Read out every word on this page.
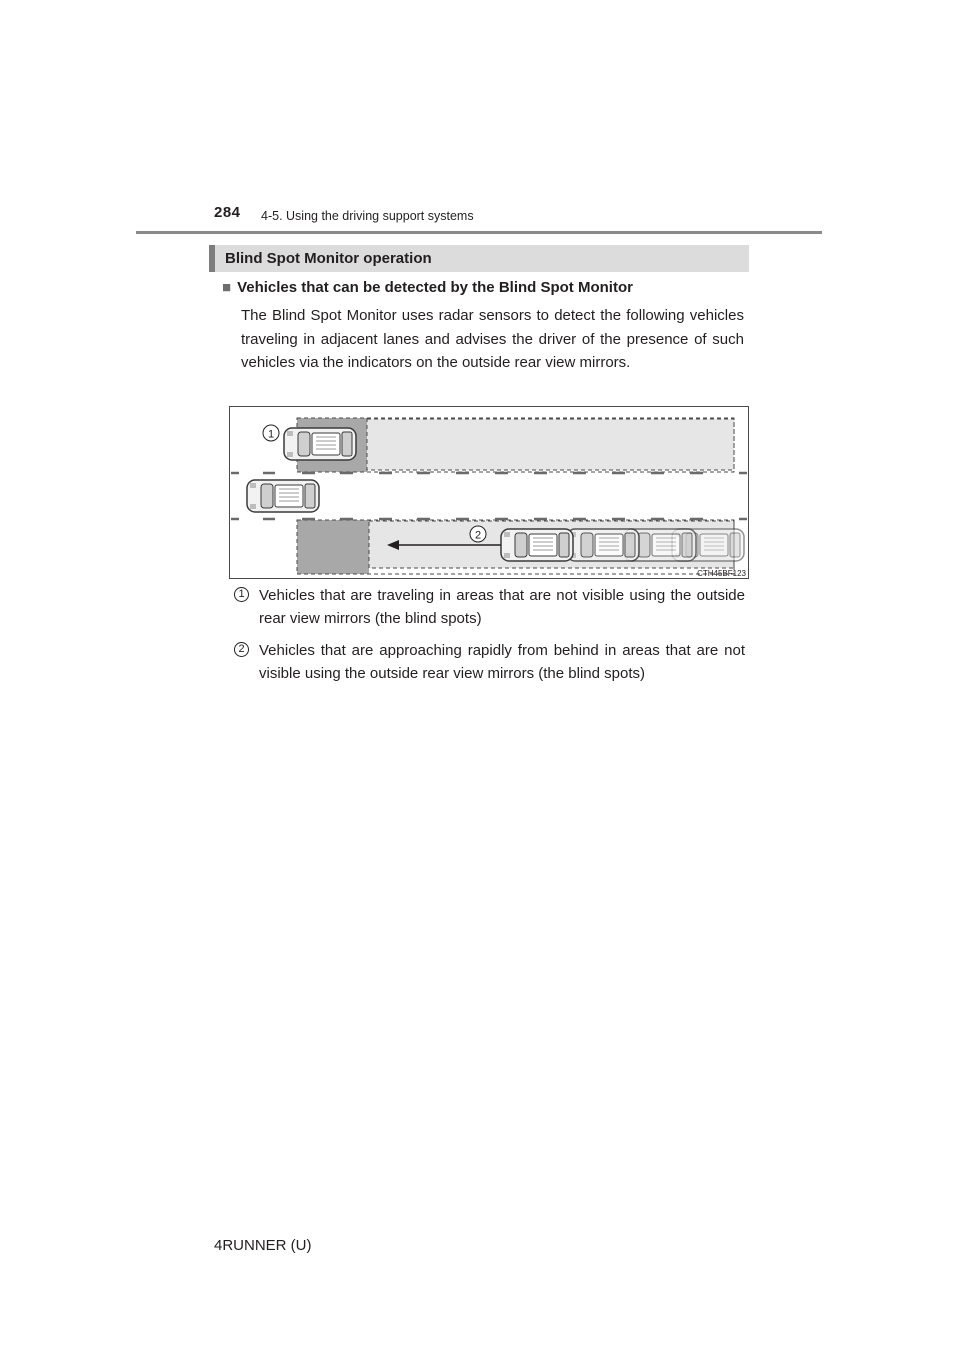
284 4-5. Using the driving support systems
Blind Spot Monitor operation
■ Vehicles that can be detected by the Blind Spot Monitor
The Blind Spot Monitor uses radar sensors to detect the following vehicles traveling in adjacent lanes and advises the driver of the presence of such vehicles via the indicators on the outside rear view mirrors.
1
2
CTH45BF123
1 Vehicles that are traveling in areas that are not visible using the outside rear view mirrors (the blind spots)
2 Vehicles that are approaching rapidly from behind in areas that are not visible using the outside rear view mirrors (the blind spots)
4RUNNER (U)
